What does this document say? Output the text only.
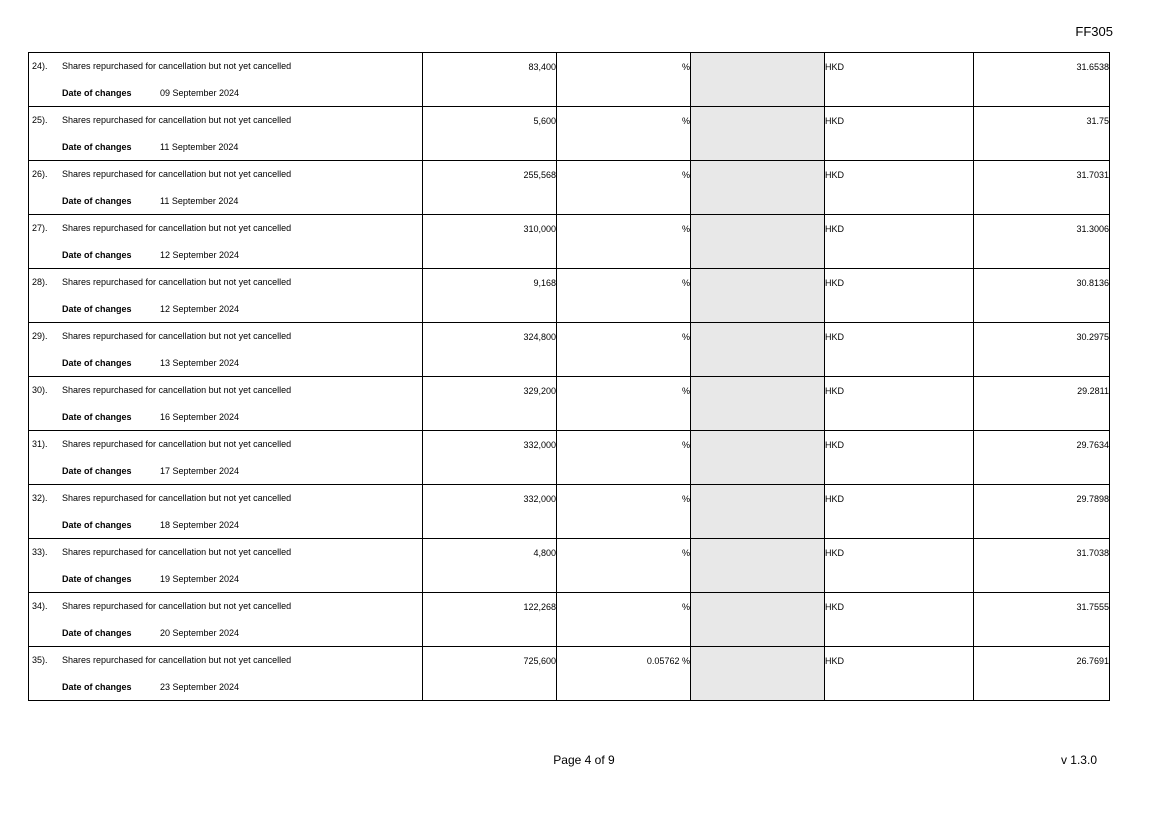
FF305
24). Shares repurchased for cancellation but not yet cancelled
Date of changes 09 September 2024	83,400	%		HKD	31.6538	

25). Shares repurchased for cancellation but not yet cancelled
Date of changes 11 September 2024	5,600	%		HKD	31.75	

26). Shares repurchased for cancellation but not yet cancelled
Date of changes 11 September 2024	255,568	%		HKD	31.7031	

27). Shares repurchased for cancellation but not yet cancelled
Date of changes 12 September 2024	310,000	%		HKD	31.3006	

28). Shares repurchased for cancellation but not yet cancelled
Date of changes 12 September 2024	9,168	%		HKD	30.8136	

29). Shares repurchased for cancellation but not yet cancelled
Date of changes 13 September 2024	324,800	%		HKD	30.2975	

30). Shares repurchased for cancellation but not yet cancelled
Date of changes 16 September 2024	329,200	%		HKD	29.2811	

31). Shares repurchased for cancellation but not yet cancelled
Date of changes 17 September 2024	332,000	%		HKD	29.7634	

32). Shares repurchased for cancellation but not yet cancelled
Date of changes 18 September 2024	332,000	%		HKD	29.7898	

33). Shares repurchased for cancellation but not yet cancelled
Date of changes 19 September 2024	4,800	%		HKD	31.7038	

34). Shares repurchased for cancellation but not yet cancelled
Date of changes 20 September 2024	122,268	%		HKD	31.7555	

35). Shares repurchased for cancellation but not yet cancelled
Date of changes 23 September 2024	725,600	0.05762 %		HKD	26.7691	

Page 4 of 9	v 1.3.0
